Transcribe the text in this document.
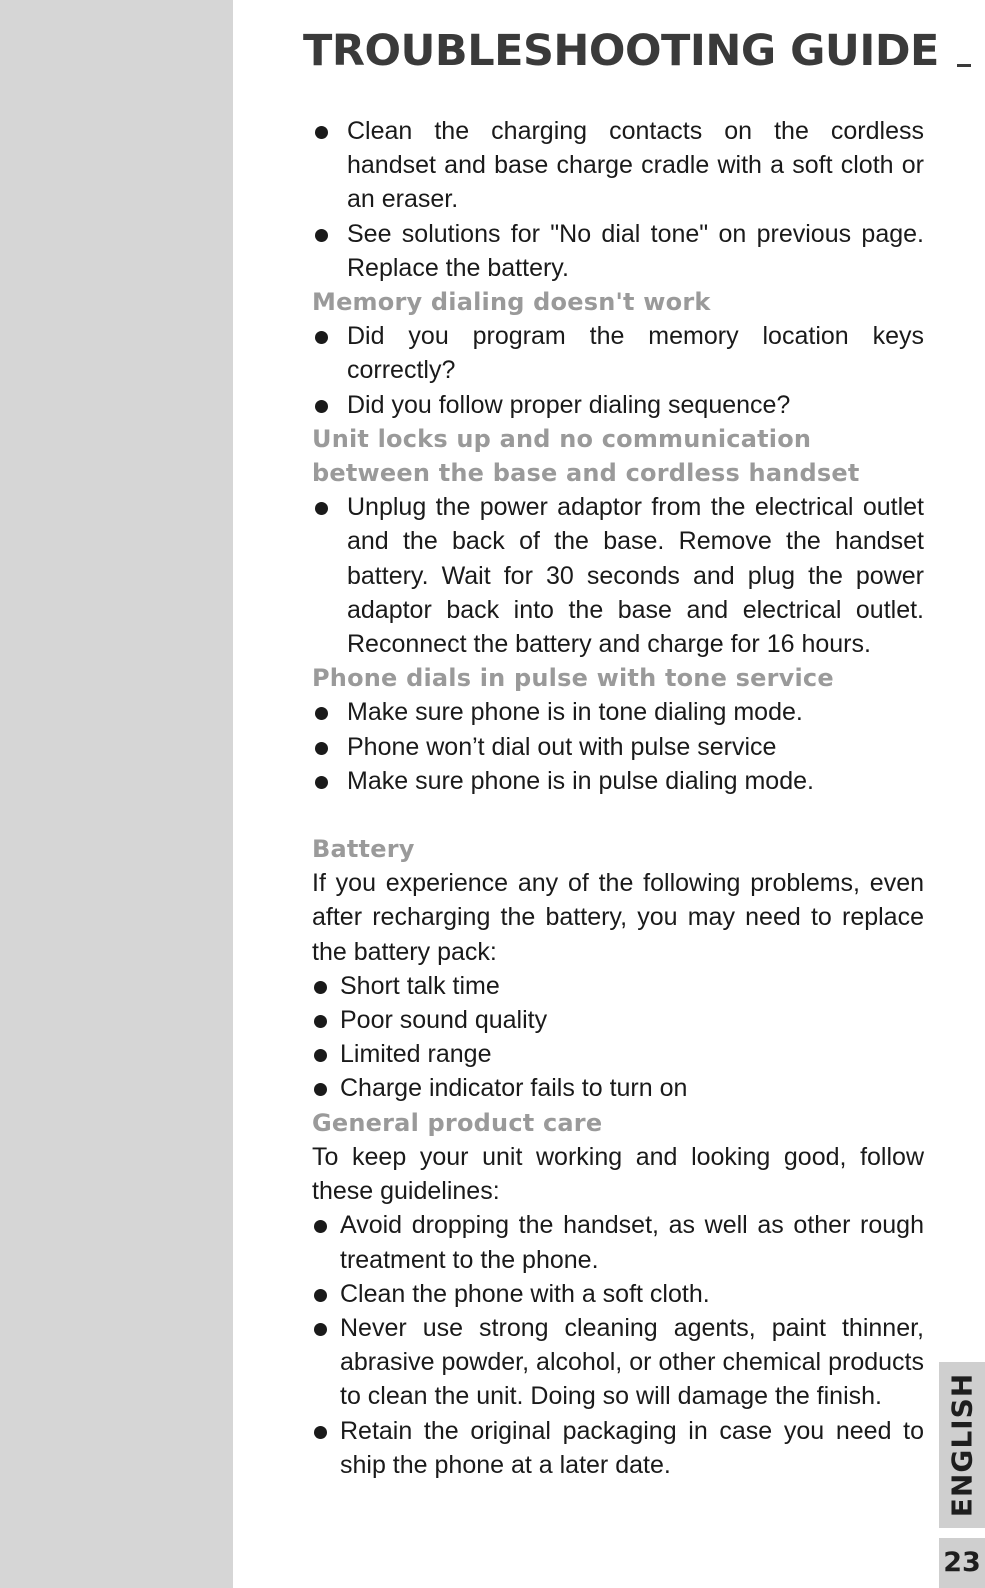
TROUBLESHOOTING GUIDE
Clean the charging contacts on the cordless handset and base charge cradle with a soft cloth or an eraser.
See solutions for "No dial tone" on previous page. Replace the battery.
Memory dialing doesn't work
Did you program the memory location keys correctly?
Did you follow proper dialing sequence?
Unit locks up and no communication
between the base and cordless handset
Unplug the power adaptor from the electrical outlet and the back of the base. Remove the handset battery. Wait for 30 seconds and plug the power adaptor back into the base and electrical outlet. Reconnect the battery and charge for 16 hours.
Phone dials in pulse with tone service
Make sure phone is in tone dialing mode.
Phone won’t dial out with pulse service
Make sure phone is in pulse dialing mode.
Battery
If you experience any of the following problems, even after recharging the battery, you may need to replace the battery pack:
Short talk time
Poor sound quality
Limited range
Charge indicator fails to turn on
General product care
To keep your unit working and looking good, follow these guidelines:
Avoid dropping the handset, as well as other rough treatment to the phone.
Clean the phone with a soft cloth.
Never use strong cleaning agents, paint thinner, abrasive powder, alcohol, or other chemical products to clean the unit. Doing so will damage the finish.
Retain the original packaging in case you need to ship the phone at a later date.	ENGLISH
23
